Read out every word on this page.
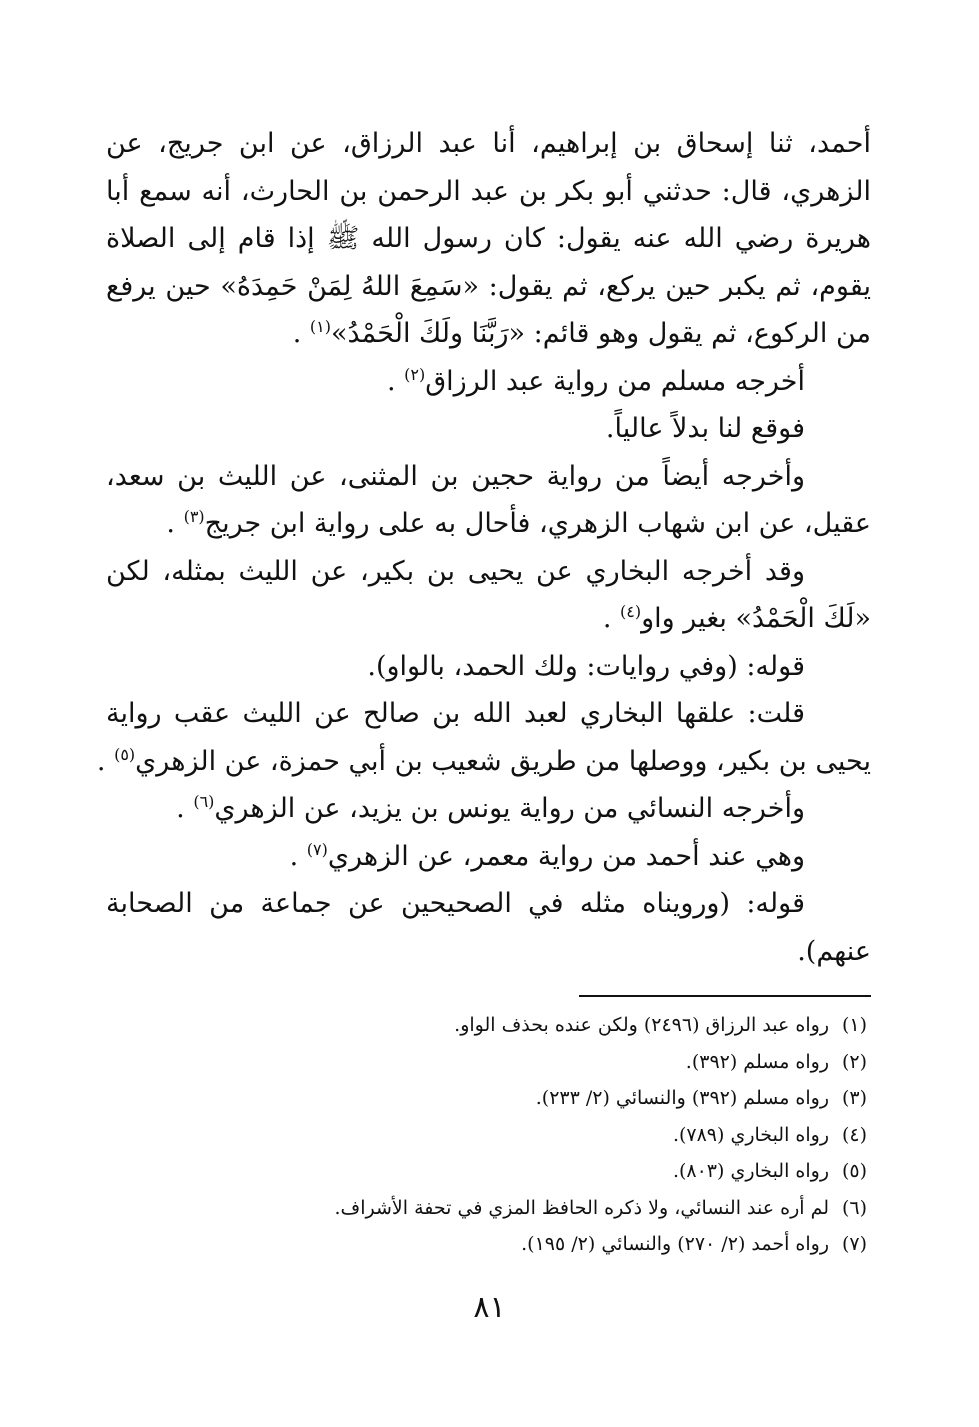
أحمد، ثنا إسحاق بن إبراهيم، أنا عبد الرزاق، عن ابن جريج، عن
الزهري، قال: حدثني أبو بكر بن عبد الرحمن بن الحارث، أنه سمع أبا
هريرة رضي الله عنه يقول: كان رسول الله ﷺ إذا قام إلى الصلاة
يقوم، ثم يكبر حين يركع، ثم يقول: «سَمِعَ اللهُ لِمَنْ حَمِدَهُ» حين يرفع
من الركوع، ثم يقول وهو قائم: «رَبَّنَا ولَكَ الْحَمْدُ»$^{(١)}$ .
أخرجه مسلم من رواية عبد الرزاق$^{(٢)}$ .
فوقع لنا بدلاً عالياً.
وأخرجه أيضاً من رواية حجين بن المثنى، عن الليث بن سعد،
عقيل، عن ابن شهاب الزهري، فأحال به على رواية ابن جريج$^{(٣)}$ .
وقد أخرجه البخاري عن يحيى بن بكير، عن الليث بمثله، لكن
«لَكَ الْحَمْدُ» بغير واو$^{(٤)}$ .
قوله: (وفي روايات: ولك الحمد، بالواو).
قلت: علقها البخاري لعبد الله بن صالح عن الليث عقب رواية
يحيى بن بكير، ووصلها من طريق شعيب بن أبي حمزة، عن الزهري$^{(٥)}$ .
وأخرجه النسائي من رواية يونس بن يزيد، عن الزهري$^{(٦)}$ .
وهي عند أحمد من رواية معمر، عن الزهري$^{(٧)}$ .
قوله: (ورويناه مثله في الصحيحين عن جماعة من الصحابة
عنهم).
(١)رواه عبد الرزاق (٢٤٩٦) ولكن عنده بحذف الواو.
(٢)رواه مسلم (٣٩٢).
(٣)رواه مسلم (٣٩٢) والنسائي (٢/ ٢٣٣).
(٤)رواه البخاري (٧٨٩).
(٥)رواه البخاري (٨٠٣).
(٦)لم أره عند النسائي، ولا ذكره الحافظ المزي في تحفة الأشراف.
(٧)رواه أحمد (٢/ ٢٧٠) والنسائي (٢/ ١٩٥).
٨١
